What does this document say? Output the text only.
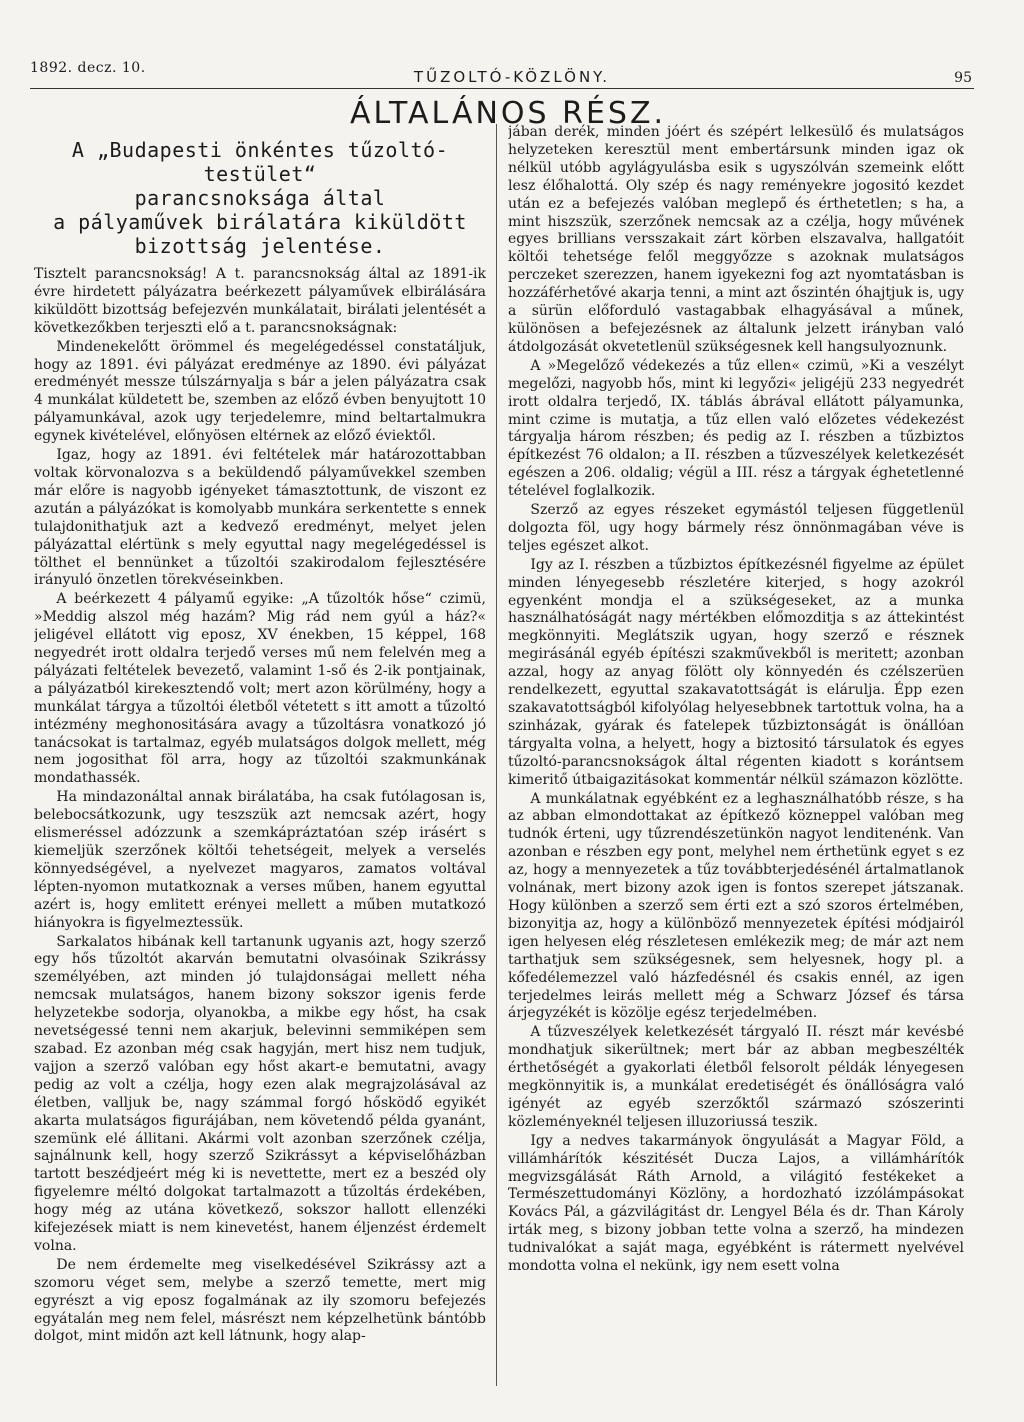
1892. decz. 10.	TŰZOLTÓ-KÖZLÖNY.	95
ÁLTALÁNOS RÉSZ.
A „Budapesti önkéntes tűzoltó-testület“
parancsnoksága által
a pályaművek birálatára kiküldött
bizottság jelentése.

Tisztelt parancsnokság! A t. parancsnokság által az 1891-ik évre hirdetett pályázatra beérkezett pályaművek elbirálására kiküldött bizottság befejezvén munkálatait, birálati jelentését a következőkben terjeszti elő a t. parancsnokságnak:

Mindenekelőtt örömmel és megelégedéssel constatáljuk, hogy az 1891. évi pályázat eredménye az 1890. évi pályázat eredményét messze túlszárnyalja s bár a jelen pályázatra csak 4 munkálat küldetett be, szemben az előző évben benyujtott 10 pályamunkával, azok ugy terjedelemre, mind beltartalmukra egynek kivételével, előnyösen eltérnek az előző éviektől.

Igaz, hogy az 1891. évi feltételek már határozottabban voltak körvonalozva s a beküldendő pályaművekkel szemben már előre is nagyobb igényeket támasztottunk, de viszont ez azután a pályázókat is komolyabb munkára serkentette s ennek tulajdonithatjuk azt a kedvező eredményt, melyet jelen pályázattal elértünk s mely egyuttal nagy megelégedéssel is tölthet el bennünket a tűzoltói szakirodalom fejlesztésére irányuló önzetlen törekvéseinkben.

A beérkezett 4 pályamű egyike: „A tűzoltók hőse“ czimü, »Meddig alszol még hazám? Mig rád nem gyúl a ház?« jeligével ellátott vig eposz, XV énekben, 15 képpel, 168 negyedrét irott oldalra terjedő verses mű nem felelvén meg a pályázati feltételek bevezető, valamint 1-ső és 2-ik pontjainak, a pályázatból kirekesztendő volt; mert azon körülmény, hogy a munkálat tárgya a tűzoltói életből vétetett s itt amott a tűzoltó intézmény meghonositására avagy a tűzoltásra vonatkozó jó tanácsokat is tartalmaz, egyéb mulatságos dolgok mellett, még nem jogosithat föl arra, hogy az tűzoltói szakmunkának mondathassék.

Ha mindazonáltal annak birálatába, ha csak futólagosan is, belebocsátkozunk, ugy teszszük azt nemcsak azért, hogy elismeréssel adózzunk a szemkápráztatóan szép irásért s kiemeljük szerzőnek költői tehetségeit, melyek a verselés könnyedségével, a nyelvezet magyaros, zamatos voltával lépten-nyomon mutatkoznak a verses műben, hanem egyuttal azért is, hogy emlitett erényei mellett a műben mutatkozó hiányokra is figyelmeztessük.

Sarkalatos hibának kell tartanunk ugyanis azt, hogy szerző egy hős tűzoltót akarván bemutatni olvasóinak Szikrássy személyében, azt minden jó tulajdonságai mellett néha nemcsak mulatságos, hanem bizony sokszor igenis ferde helyzetekbe sodorja, olyanokba, a mikbe egy hőst, ha csak nevetségessé tenni nem akarjuk, belevinni semmiképen sem szabad. Ez azonban még csak hagyján, mert hisz nem tudjuk, vajjon a szerző valóban egy hőst akart-e bemutatni, avagy pedig az volt a czélja, hogy ezen alak megrajzolásával az életben, valljuk be, nagy számmal forgó hősködő egyikét akarta mulatságos figurájában, nem követendő példa gyanánt, szemünk elé állitani. Akármi volt azonban szerzőnek czélja, sajnálnunk kell, hogy szerző Szikrássyt a képviselőházban tartott beszédjeért még ki is nevettette, mert ez a beszéd oly figyelemre méltó dolgokat tartalmazott a tűzoltás érdekében, hogy még az utána következő, sokszor hallott ellenzéki kifejezések miatt is nem kinevetést, hanem éljenzést érdemelt volna.

De nem érdemelte meg viselkedésével Szikrássy azt a szomoru véget sem, melybe a szerző temette, mert mig egyrészt a vig eposz fogalmának az ily szomoru befejezés egyátalán meg nem felel, másrészt nem képzelhetünk bántóbb dolgot, mint midőn azt kell látnunk, hogy alap-

jában derék, minden jóért és szépért lelkesülő és mulatságos helyzeteken keresztül ment embertársunk minden igaz ok nélkül utóbb agylágyulásba esik s ugyszólván szemeink előtt lesz élőhalottá. Oly szép és nagy reményekre jogositó kezdet után ez a befejezés valóban meglepő és érthetetlen; s ha, a mint hiszszük, szerzőnek nemcsak az a czélja, hogy művének egyes brillians versszakait zárt körben elszavalva, hallgatóit költői tehetsége felől meggyőzze s azoknak mulatságos perczeket szerezzen, hanem igyekezni fog azt nyomtatásban is hozzáférhetővé akarja tenni, a mint azt őszintén óhajtjuk is, ugy a sürün előforduló vastagabbak elhagyásával a műnek, különösen a befejezésnek az általunk jelzett irányban való átdolgozását okvetetlenül szükségesnek kell hangsulyoznunk.

A »Megelőző védekezés a tűz ellen« czimü, »Ki a veszélyt megelőzi, nagyobb hős, mint ki legyőzi« jeligéjü 233 negyedrét irott oldalra terjedő, IX. táblás ábrával ellátott pályamunka, mint czime is mutatja, a tűz ellen való előzetes védekezést tárgyalja három részben; és pedig az I. részben a tűzbiztos építkezést 76 oldalon; a II. részben a tűzveszélyek keletkezését egészen a 206. oldalig; végül a III. rész a tárgyak éghetetlenné tételével foglalkozik.

Szerző az egyes részeket egymástól teljesen függetlenül dolgozta föl, ugy hogy bármely rész önnönmagában véve is teljes egészet alkot.

Igy az I. részben a tűzbiztos építkezésnél figyelme az épület minden lényegesebb részletére kiterjed, s hogy azokról egyenként mondja el a szükségeseket, az a munka használhatóságát nagy mértékben előmozditja s az áttekintést megkönnyiti. Meglátszik ugyan, hogy szerző e résznek megirásánál egyéb építészi szakművekből is meritett; azonban azzal, hogy az anyag fölött oly könnyedén és czélszerüen rendelkezett, egyuttal szakavatottságát is elárulja. Épp ezen szakavatottságból kifolyólag helyesebbnek tartottuk volna, ha a szinházak, gyárak és fatelepek tűzbiztonságát is önállóan tárgyalta volna, a helyett, hogy a biztositó társulatok és egyes tűzoltó-parancsnokságok által régenten kiadott s korántsem kimeritő útbaigazitásokat kommentár nélkül számazon közlötte.

A munkálatnak egyébként ez a leghasználhatóbb része, s ha az abban elmondottakat az építkező közneppel valóban meg tudnók érteni, ugy tűzrendészetünkön nagyot lenditenénk. Van azonban e részben egy pont, melyhel nem érthetünk egyet s ez az, hogy a mennyezetek a tűz továbbterjedésénél ártalmatlanok volnának, mert bizony azok igen is fontos szerepet játszanak. Hogy különben a szerző sem érti ezt a szó szoros értelmében, bizonyitja az, hogy a különböző mennyezetek építési módjairól igen helyesen elég részletesen emlékezik meg; de már azt nem tarthatjuk sem szükségesnek, sem helyesnek, hogy pl. a kőfedélemezzel való házfedésnél és csakis ennél, az igen terjedelmes leirás mellett még a Schwarz József és társa árjegyzékét is közölje egész terjedelmében.

A tűzveszélyek keletkezését tárgyaló II. részt már kevésbé mondhatjuk sikerültnek; mert bár az abban megbeszélték érthetőségét a gyakorlati életből felsorolt példák lényegesen megkönnyitik is, a munkálat eredetiségét és önállóságra való igényét az egyéb szerzőktől származó szószerinti közleményeknél teljesen illuzoriussá teszik.

Igy a nedves takarmányok öngyulását a Magyar Föld, a villámhárítók készitését Ducza Lajos, a villámhárítók megvizsgálását Ráth Arnold, a világitó festékeket a Természettudományi Közlöny, a hordozható izzólámpásokat Kovács Pál, a gázvilágitást dr. Lengyel Béla és dr. Than Károly irták meg, s bizony jobban tette volna a szerző, ha mindezen tudnivalókat a saját maga, egyébként is rátermett nyelvével mondotta volna el nekünk, igy nem esett volna
